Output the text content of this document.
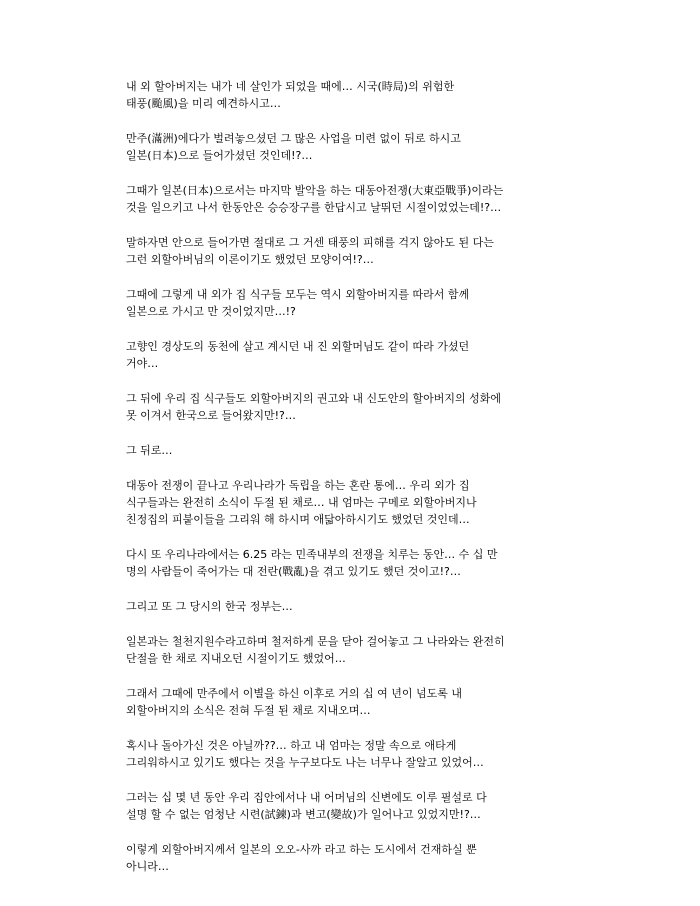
내 외 할아버지는 내가 네 살인가 되었을 때에… 시국(時局)의 위험한
태풍(颱風)을 미리 예견하시고…

만주(滿洲)에다가 벌려놓으셨던 그 많은 사업을 미련 없이 뒤로 하시고
일본(日本)으로 들어가셨던 것인데!?…

그때가 일본(日本)으로서는 마지막 발악을 하는 대동아전쟁(大東亞戰爭)이라는
것을 일으키고 나서 한동안은 승승장구를 한답시고 날뛰던 시절이었었는데!?…

말하자면 안으로 들어가면 절대로 그 거센 태풍의 피해를 걱지 않아도 된 다는
그런 외할아버님의 이론이기도 했었던 모양이여!?…

그때에 그렇게 내 외가 집 식구들 모두는 역시 외할아버지를 따라서 함께
일본으로 가시고 만 것이었지만…!?

고향인 경상도의 동천에 살고 계시던 내 진 외할머님도 같이 따라 가셨던
거야…

그 뒤에 우리 집 식구들도 외할아버지의 권고와 내 신도안의 할아버지의 성화에
못 이겨서 한국으로 들어왔지만!?…

그 뒤로…

대동아 전쟁이 끝나고 우리나라가 독립을 하는 혼란 통에… 우리 외가 집
식구들과는 완전히 소식이 두절 된 채로… 내 엄마는 구메로 외할아버지나
친정집의 피붙이들을 그리워 해 하시며 애닯아하시기도 했었던 것인데…

다시 또 우리나라에서는 6.25 라는 민족내부의 전쟁을 치루는 동안… 수 십 만
명의 사람들이 죽어가는 대 전란(戰亂)을 겪고 있기도 했던 것이고!?…

그리고 또 그 당시의 한국 정부는…

일본과는 철천지원수라고하며 철저하게 문을 닫아 걸어놓고 그 나라와는 완전히
단절을 한 채로 지내오던 시절이기도 했었어…

그래서 그때에 만주에서 이별을 하신 이후로 거의 십 여 년이 넘도록 내
외할아버지의 소식은 전혀 두절 된 채로 지내오며…

혹시나 돌아가신 것은 아닐까??… 하고 내 엄마는 정말 속으로 애타게
그리워하시고 있기도 했다는 것을 누구보다도 나는 너무나 잘알고 있었어…

그러는 십 몇 년 동안 우리 집안에서나 내 어머님의 신변에도 이루 필설로 다
설명 할 수 없는 엄청난 시련(試鍊)과 변고(變故)가 일어나고 있었지만!?…

이렇게 외할아버지께서 일본의 오오-사까 라고 하는 도시에서 건재하실 뿐
아니라…
